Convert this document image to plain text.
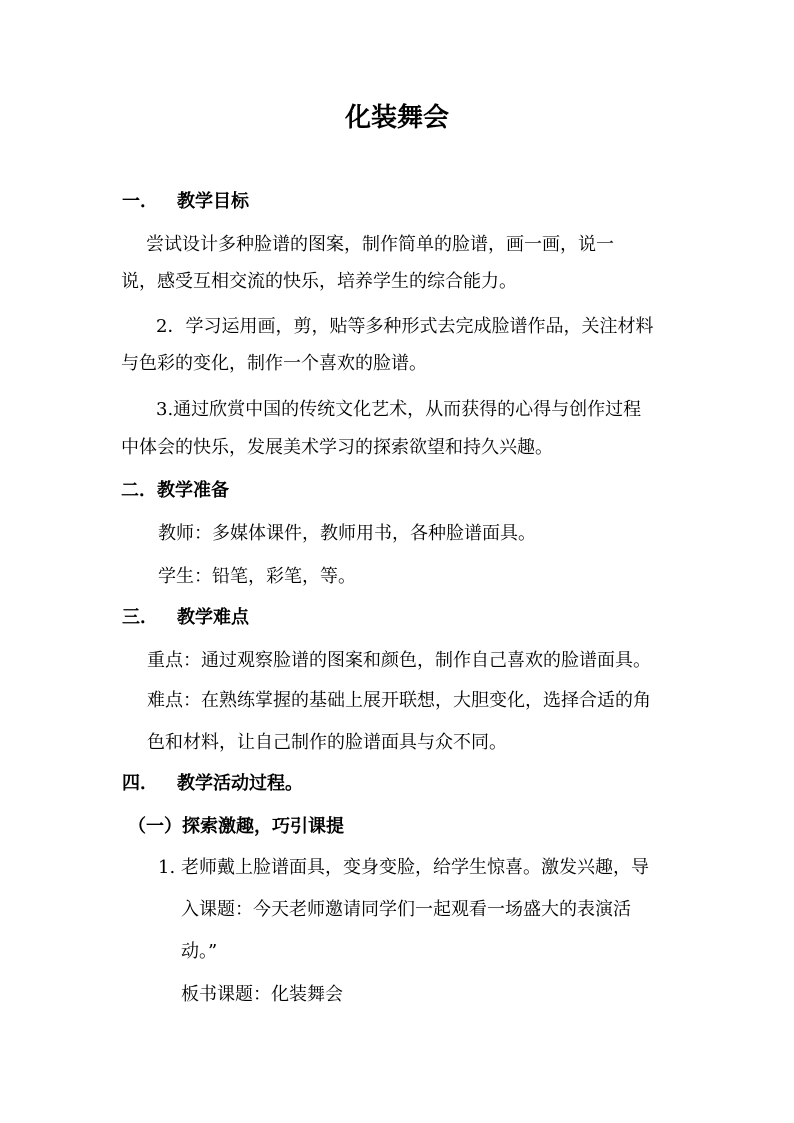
化装舞会
一． 教学目标
尝试设计多种脸谱的图案，制作简单的脸谱，画一画，说一
说，感受互相交流的快乐，培养学生的综合能力。
2．学习运用画，剪，贴等多种形式去完成脸谱作品，关注材料
与色彩的变化，制作一个喜欢的脸谱。
3.通过欣赏中国的传统文化艺术，从而获得的心得与创作过程
中体会的快乐，发展美术学习的探索欲望和持久兴趣。
二．教学准备
教师：多媒体课件，教师用书，各种脸谱面具。
学生：铅笔，彩笔，等。
三． 教学难点
重点：通过观察脸谱的图案和颜色，制作自己喜欢的脸谱面具。
难点：在熟练掌握的基础上展开联想，大胆变化，选择合适的角
色和材料，让自己制作的脸谱面具与众不同。
四． 教学活动过程。
（一）探索激趣，巧引课提
1. 老师戴上脸谱面具，变身变脸，给学生惊喜。激发兴趣，导
入课题：今天老师邀请同学们一起观看一场盛大的表演活
动。”
板书课题：化装舞会
